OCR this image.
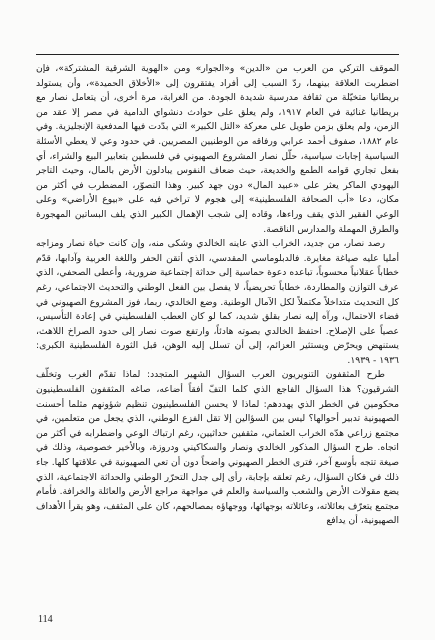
الموقف التركي من العرب من «الدين» و«الجوار» ومن «الهوية الشرقية المشتركة»، فإن اضطربت العلاقة بينهما، ردّ السبب إلى أفراد يفتقرون إلى «الأخلاق الحميدة»، وأن يستولد بريطانيا متخيّلة من ثقافة مدرسية شديدة الجودة. من الغرابة، مرة أخرى، أن يتعامل نصار مع بريطانيا غنائية في العام ١٩١٧، ولم يعلق على حوادث دنشواي الدامية في مصر إلا عقد من الزمن، ولم يعلق بزمن طويل على معركة «التل الكبير» التي بدّدت فيها المدفعية الإنجليزية. وفي عام ١٨٨٢، صفوف أحمد عرابي ورفاقه من الوطنيين المصريين. في حدود وعي لا يعطي الأسئلة السياسية إجابات سياسية، حلّل نصار المشروع الصهيوني في فلسطين بتعابير البيع والشراء، أي بفعل تجاري قوامه الطمع والخديعة، حيث ضعاف النفوس يبادلون الأرض بالمال، وحيث التاجر اليهودي الماكر يعثر على «عبيد المال» دون جهد كبير. وهذا التصوّر، المضطرب في أكثر من مكان، دعا «أب الصحافة الفلسطينية» إلى هجوم لا تراخي فيه على «بيوع الأراضي» وعلى الوعي الفقير الذي يقف وراءها، وقاده إلى شجب الإهمال الكبير الذي يلف البساتين المهجورة والطرق المهملة والمدارس الناقصة.

رصد نصار، من جديد، الخراب الذي عاينه الخالدي وشكى منه، وإن كانت حياة نصار ومزاجه أمليا عليه صياغة مغايرة. فالدبلوماسي المقدسي، الذي أتقن الحفر واللغة العربية وآدابها، قدّم خطاباً عقلانياً محسوباً، تباعده دعوة حماسية إلى حداثة إجتماعية ضرورية، وأعطى الصحفي، الذي عرف التوازن والمطاردة، خطاباً تحريضياً، لا يفصل بين الفعل الوطني والتحديث الاجتماعي، رغم كل التحديث متداخلاً مكتملاً لكل الآمال الوطنية. وضع الخالدي، ربما، فوز المشروع الصهيوني في فضاء الاحتمال، ورآه إليه نصار بقلق شديد، كما لو كان العطب الفلسطيني في إعادة التأسيس، عصياً على الإصلاح. احتفظ الخالدي بصوته هادئاً، وارتفع صوت نصار إلى حدود الصراخ اللاهث، يستنهض ويحرّض ويستثير العزائم، إلى أن تسلل إليه الوهن، قبل الثورة الفلسطينية الكبرى: ١٩٣٦ - ١٩٣٩.

طرح المثقفون التنويريون العرب السؤال الشهير المتجدد: لماذا تقدّم الغرب وتخلّف الشرقيون؟ هذا السؤال الفاجع الذي كلما التفّ أفقاً أضاعه، صاغه المثقفون الفلسطينيون محكومين في الخطر الذي يهددهم: لماذا لا يحسن الفلسطينيون تنظيم شؤونهم مثلما أحسنت الصهيونية تدبير أحوالها؟ ليس بين السؤالين إلا تقل الفزع الوطني، الذي يجعل من متعلمين، في مجتمع زراعي هدّه الخراب العثماني، مثقفين حداثيين، رغم ارتباك الوعي واضطرابه في أكثر من اتجاه. طرح السؤال المذكور الخالدي ونصار والسكاكيني ودروزة، وبالأخير خصوصية، وذلك في صيغة تتجه بأوسع آخر، فترى الخطر الصهيوني واضحاً دون أن تعي الصهيونية في علاقتها كلها. جاء ذلك في فكان السؤال، رغم تعلقه بإجابة، رأى إلى جدل التحرّر الوطني والحداثة الاجتماعية، الذي يضع مقولات الأرض والشعب والسياسة والعلم في مواجهة مراجع الأرض والعائلة والخرافة. فأمام مجتمع يتعرّف بعائلاته، وعائلاته بوجهائها، ووجهاؤه بمصالحهم، كان على المثقف، وهو يقرأ الأهداف الصهيونية، أن يدافع

114
